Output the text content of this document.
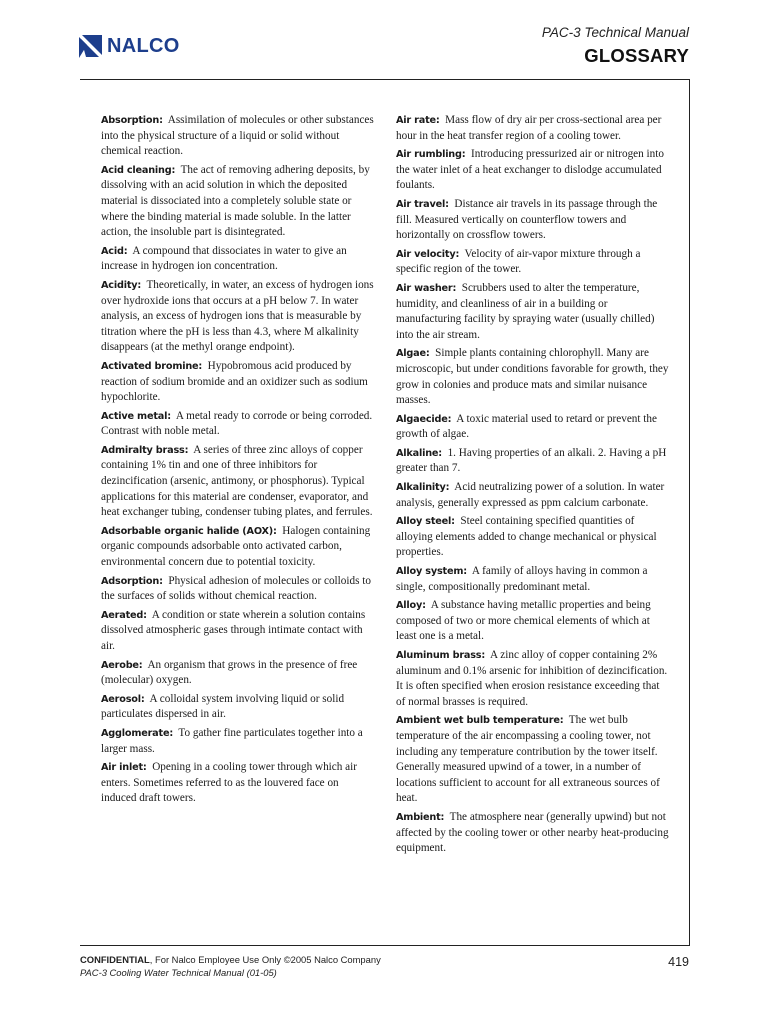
NALCO
PAC-3 Technical Manual
GLOSSARY

Absorption: Assimilation of molecules or other substances into the physical structure of a liquid or solid without chemical reaction.

Acid cleaning: The act of removing adhering deposits, by dissolving with an acid solution in which the deposited material is dissociated into a completely soluble state or where the binding material is made soluble. In the latter action, the insoluble part is disintegrated.

Acid: A compound that dissociates in water to give an increase in hydrogen ion concentration.

Acidity: Theoretically, in water, an excess of hydrogen ions over hydroxide ions that occurs at a pH below 7. In water analysis, an excess of hydrogen ions that is measurable by titration where the pH is less than 4.3, where M alkalinity disappears (at the methyl orange endpoint).

Activated bromine: Hypobromous acid produced by reaction of sodium bromide and an oxidizer such as sodium hypochlorite.

Active metal: A metal ready to corrode or being corroded. Contrast with noble metal.

Admiralty brass: A series of three zinc alloys of copper containing 1% tin and one of three inhibitors for dezincification (arsenic, antimony, or phosphorus). Typical applications for this material are condenser, evaporator, and heat exchanger tubing, condenser tubing plates, and ferrules.

Adsorbable organic halide (AOX): Halogen containing organic compounds adsorbable onto activated carbon, environmental concern due to potential toxicity.

Adsorption: Physical adhesion of molecules or colloids to the surfaces of solids without chemical reaction.

Aerated: A condition or state wherein a solution contains dissolved atmospheric gases through intimate contact with air.

Aerobe: An organism that grows in the presence of free (molecular) oxygen.

Aerosol: A colloidal system involving liquid or solid particulates dispersed in air.

Agglomerate: To gather fine particulates together into a larger mass.

Air inlet: Opening in a cooling tower through which air enters. Sometimes referred to as the louvered face on induced draft towers.

Air rate: Mass flow of dry air per cross-sectional area per hour in the heat transfer region of a cooling tower.

Air rumbling: Introducing pressurized air or nitrogen into the water inlet of a heat exchanger to dislodge accumulated foulants.

Air travel: Distance air travels in its passage through the fill. Measured vertically on counterflow towers and horizontally on crossflow towers.

Air velocity: Velocity of air-vapor mixture through a specific region of the tower.

Air washer: Scrubbers used to alter the temperature, humidity, and cleanliness of air in a building or manufacturing facility by spraying water (usually chilled) into the air stream.

Algae: Simple plants containing chlorophyll. Many are microscopic, but under conditions favorable for growth, they grow in colonies and produce mats and similar nuisance masses.

Algaecide: A toxic material used to retard or prevent the growth of algae.

Alkaline: 1. Having properties of an alkali. 2. Having a pH greater than 7.

Alkalinity: Acid neutralizing power of a solution. In water analysis, generally expressed as ppm calcium carbonate.

Alloy steel: Steel containing specified quantities of alloying elements added to change mechanical or physical properties.

Alloy system: A family of alloys having in common a single, compositionally predominant metal.

Alloy: A substance having metallic properties and being composed of two or more chemical elements of which at least one is a metal.

Aluminum brass: A zinc alloy of copper containing 2% aluminum and 0.1% arsenic for inhibition of dezincification. It is often specified when erosion resistance exceeding that of normal brasses is required.

Ambient wet bulb temperature: The wet bulb temperature of the air encompassing a cooling tower, not including any temperature contribution by the tower itself. Generally measured upwind of a tower, in a number of locations sufficient to account for all extraneous sources of heat.

Ambient: The atmosphere near (generally upwind) but not affected by the cooling tower or other nearby heat-producing equipment.

CONFIDENTIAL, For Nalco Employee Use Only ©2005 Nalco Company
PAC-3 Cooling Water Technical Manual (01-05)
419
